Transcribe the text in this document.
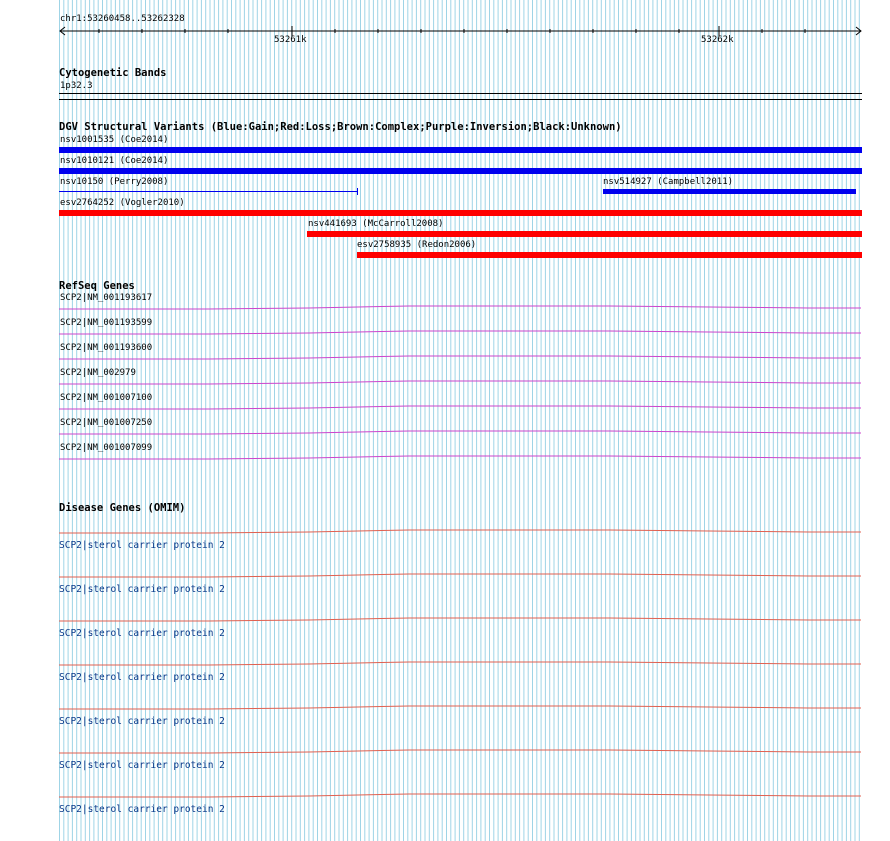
chr1:53260458..53262328
53261k	53262k
Cytogenetic Bands
1p32.3
DGV Structural Variants (Blue:Gain;Red:Loss;Brown:Complex;Purple:Inversion;Black:Unknown)
nsv1001535 (Coe2014)
nsv1010121 (Coe2014)
nsv10150 (Perry2008)	nsv514927 (Campbell2011)
esv2764252 (Vogler2010)
nsv441693 (McCarroll2008)
esv2758935 (Redon2006)
RefSeq Genes
SCP2|NM_001193617
SCP2|NM_001193599
SCP2|NM_001193600
SCP2|NM_002979
SCP2|NM_001007100
SCP2|NM_001007250
SCP2|NM_001007099
Disease Genes (OMIM)
SCP2|sterol carrier protein 2
SCP2|sterol carrier protein 2
SCP2|sterol carrier protein 2
SCP2|sterol carrier protein 2
SCP2|sterol carrier protein 2
SCP2|sterol carrier protein 2
SCP2|sterol carrier protein 2
